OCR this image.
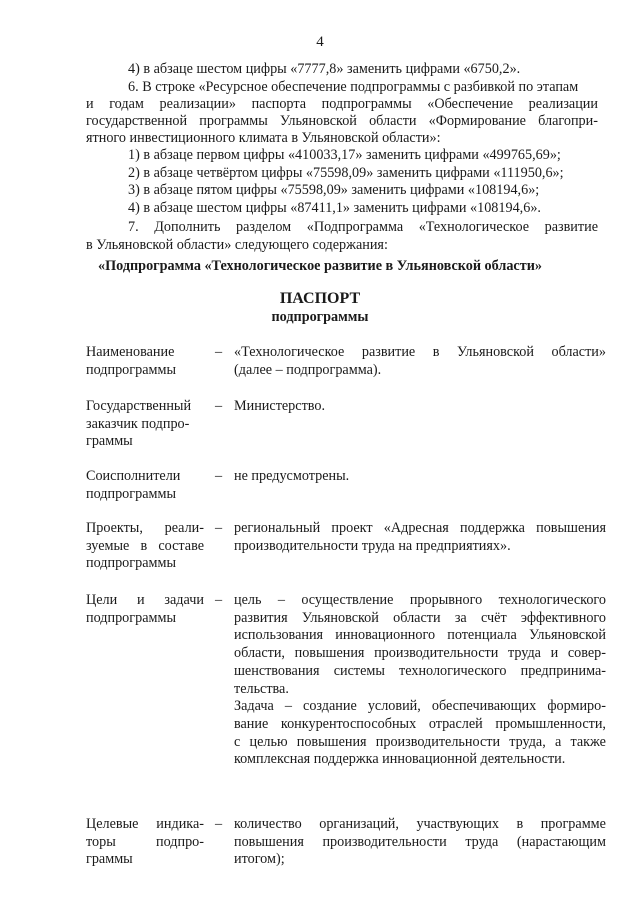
4
4) в абзаце шестом цифры «7777,8» заменить цифрами «6750,2».
6. В строке «Ресурсное обеспечение подпрограммы с разбивкой по этапам
и годам реализации» паспорта подпрограммы «Обеспечение реализации
государственной программы Ульяновской области «Формирование благопри-
ятного инвестиционного климата в Ульяновской области»:
1) в абзаце первом цифры «410033,17» заменить цифрами «499765,69»;
2) в абзаце четвёртом цифры «75598,09» заменить цифрами «111950,6»;
3) в абзаце пятом цифры «75598,09» заменить цифрами «108194,6»;
4) в абзаце шестом цифры «87411,1» заменить цифрами «108194,6».
7. Дополнить разделом «Подпрограмма «Технологическое развитие
в Ульяновской области» следующего содержания:
«Подпрограмма «Технологическое развитие в Ульяновской области»
ПАСПОРТ
подпрограммы
Наименование
подпрограммы
– «Технологическое развитие в Ульяновской области»
(далее – подпрограмма).
Государственный
заказчик подпро-
граммы
– Министерство.
Соисполнители
подпрограммы
– не предусмотрены.
Проекты, реали-
зуемые в составе
подпрограммы
– региональный проект «Адресная поддержка повышения
производительности труда на предприятиях».
Цели и задачи
подпрограммы
– цель – осуществление прорывного технологического
развития Ульяновской области за счёт эффективного
использования инновационного потенциала Ульяновской
области, повышения производительности труда и совер-
шенствования системы технологического предпринима-
тельства.
Задача – создание условий, обеспечивающих формиро-
вание конкурентоспособных отраслей промышленности,
с целью повышения производительности труда, а также
комплексная поддержка инновационной деятельности.
Целевые индика-
торы	подпро-
граммы
– количество организаций, участвующих в программе
повышения производительности труда (нарастающим
итогом);
